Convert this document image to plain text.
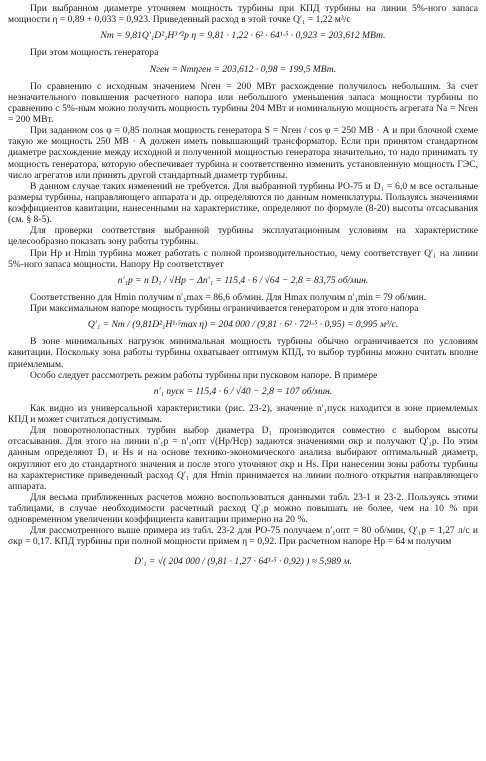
При выбранном диаметре уточняем мощность турбины при КПД турбины на линии 5%-ного запаса мощности η = 0,89 + 0,033 = 0,923. Приведенный расход в этой точке Q′₁ = 1,22 м³/с

Nт = 9,81Q′₁D²₁H³ᐟ²р η = 9,81 · 1,22 · 6² · 64¹·⁵ · 0,923 = 203,612 МВт.

При этом мощность генератора

Nген = Nтηген = 203,612 · 0,98 = 199,5 МВт.

По сравнению с исходным значением Nген = 200 МВт расхождение получилось небольшим. За счет незначительного повышения расчетного напора или небольшого уменьшения запаса мощности турбины по сравнению с 5%-ным можно получить мощность турбины 204 МВт и номинальную мощность агрегата Nа = Nген = 200 МВт.

При заданном cos φ = 0,85 полная мощность генератора S = Nген / cos φ = 250 МВ · А и при блочной схеме такую же мощность 250 МВ · А должен иметь повышающий трансформатор. Если при принятом стандартном диаметре расхождение между исходной и полученной мощностью генератора значительно, то надо принимать ту мощность генератора, которую обеспечивает турбина и соответственно изменить установленную мощность ГЭС, число агрегатов или принять другой стандартный диаметр турбины.

В данном случае таких изменений не требуется. Для выбранной турбины РО-75 и D₁ = 6,0 м все остальные размеры турбины, направляющего аппарата и др. определяются по данным номенклатуры. Пользуясь значениями коэффициентов кавитации, нанесенными на характеристике, определяют по формуле (8-20) высоты отсасывания (см. § 8-5).

Для проверки соответствия выбранной турбины эксплуатационным условиям на характеристике целесообразно показать зону работы турбины.

При Hр и Hmin турбина может работать с полной производительностью, чему соответствует Q′₁ на линии 5%-ного запаса мощности. Напору Hр соответствует

n′₁р = n D₁ / √Hр − Δn′₁ = 115,4 · 6 / √64 − 2,8 = 83,75 об/мин.

Соответственно для Hmin получим n′₁max = 86,6 об/мин. Для Hmax получим n′₁min = 79 об/мин.

При максимальном напоре мощность турбины ограничивается генератором и для этого напора

Q′₁ = Nт / (9,81D²₁H¹·⁵max η) = 204 000 / (9,81 · 6² · 72¹·⁵ · 0,95) = 0,995 м³/с.

В зоне минимальных нагрузок минимальная мощность турбины обычно ограничивается по условиям кавитации. Поскольку зона работы турбины охватывает оптимум КПД, то выбор турбины можно считать вполне приемлемым.

Особо следует рассмотреть режим работы турбины при пусковом напоре. В примере

n′₁ пуск = 115,4 · 6 / √40 − 2,8 = 107 об/мин.

Как видно из универсальной характеристики (рис. 23-2), значение n′₁пуск находится в зоне приемлемых КПД и может считаться допустимым.

Для поворотнолопастных турбин выбор диаметра D₁ производится совместно с выбором высоты отсасывания. Для этого на линии n′₁р = n′₁опт √(Hр/Hср) задаются значениями σкр и получают Q′₁р. По этим данным определяют D₁ и Hs и на основе технико-экономического анализа выбирают оптимальный диаметр, округляют его до стандартного значения и после этого уточняют σкр и Hs. При нанесении зоны работы турбины на характеристике приведенный расход Q′₁ для Hmin принимается на линии полного открытия направляющего аппарата.

Для весьма приближенных расчетов можно воспользоваться данными табл. 23-1 и 23-2. Пользуясь этими таблицами, в случае необходимости расчетный расход Q′₁р можно повышать не более, чем на 10 % при одновременном увеличении коэффициента кавитации примерно на 20 %.

Для рассмотренного выше примера из табл. 23-2 для РО-75 получаем n′₁опт = 80 об/мин, Q′₁р = 1,27 л/с и σкр = 0,17. КПД турбины при полной мощности примем η = 0,92. При расчетном напоре Hр = 64 м получим

D′₁ = √( 204 000 / (9,81 · 1,27 · 64¹·⁵ · 0,92) ) ≈ 5,989 м.
